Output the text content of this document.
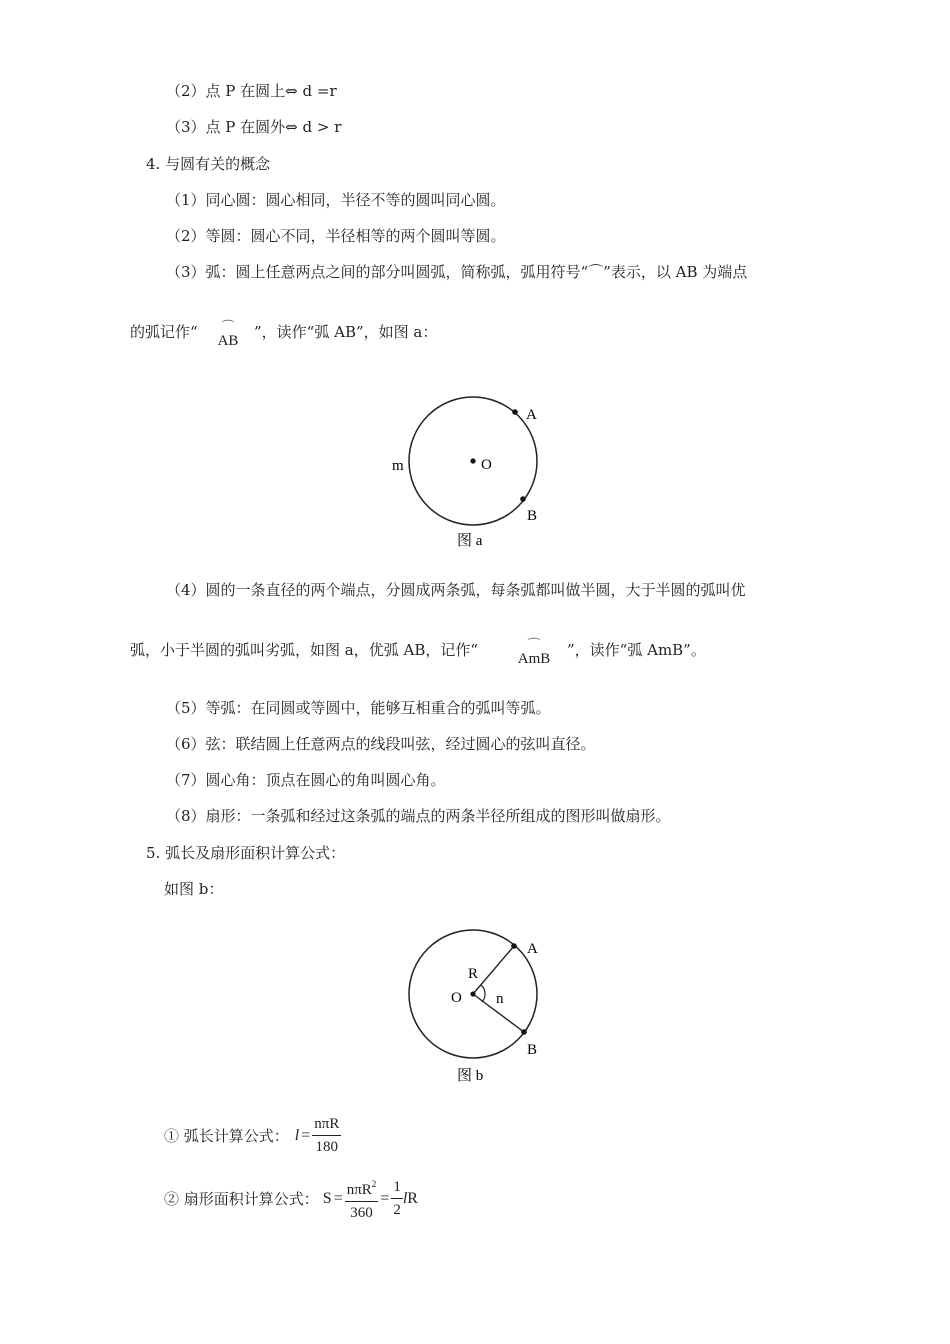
（2）点 P 在圆上⇔ d =r
（3）点 P 在圆外⇔ d > r
4. 与圆有关的概念
（1）同心圆：圆心相同，半径不等的圆叫同心圆。
（2）等圆：圆心不同，半径相等的两个圆叫等圆。
（3）弧：圆上任意两点之间的部分叫圆弧，简称弧，弧用符号“⌒”表示，以 AB 为端点
的弧记作“	⌒
AB	”，读作“弧 AB”，如图 a：
A
B
O
m
图 a
（4）圆的一条直径的两个端点，分圆成两条弧，每条弧都叫做半圆，大于半圆的弧叫优
弧，小于半圆的弧叫劣弧，如图 a，优弧 AB，记作“	⌒
AmB	”，读作“弧 AmB”。
（5）等弧：在同圆或等圆中，能够互相重合的弧叫等弧。
（6）弦：联结圆上任意两点的线段叫弦，经过圆心的弦叫直径。
（7）圆心角：顶点在圆心的角叫圆心角。
（8）扇形：一条弧和经过这条弧的端点的两条半径所组成的图形叫做扇形。
5. 弧长及扇形面积计算公式：
如图 b：
A
B
O
R
n
图 b
① 弧长计算公式： $l = \frac{\text{nπR}}{180}$
② 扇形面积计算公式： $S = \frac{n\pi R^2}{360} = \frac{1}{2}$ l R
